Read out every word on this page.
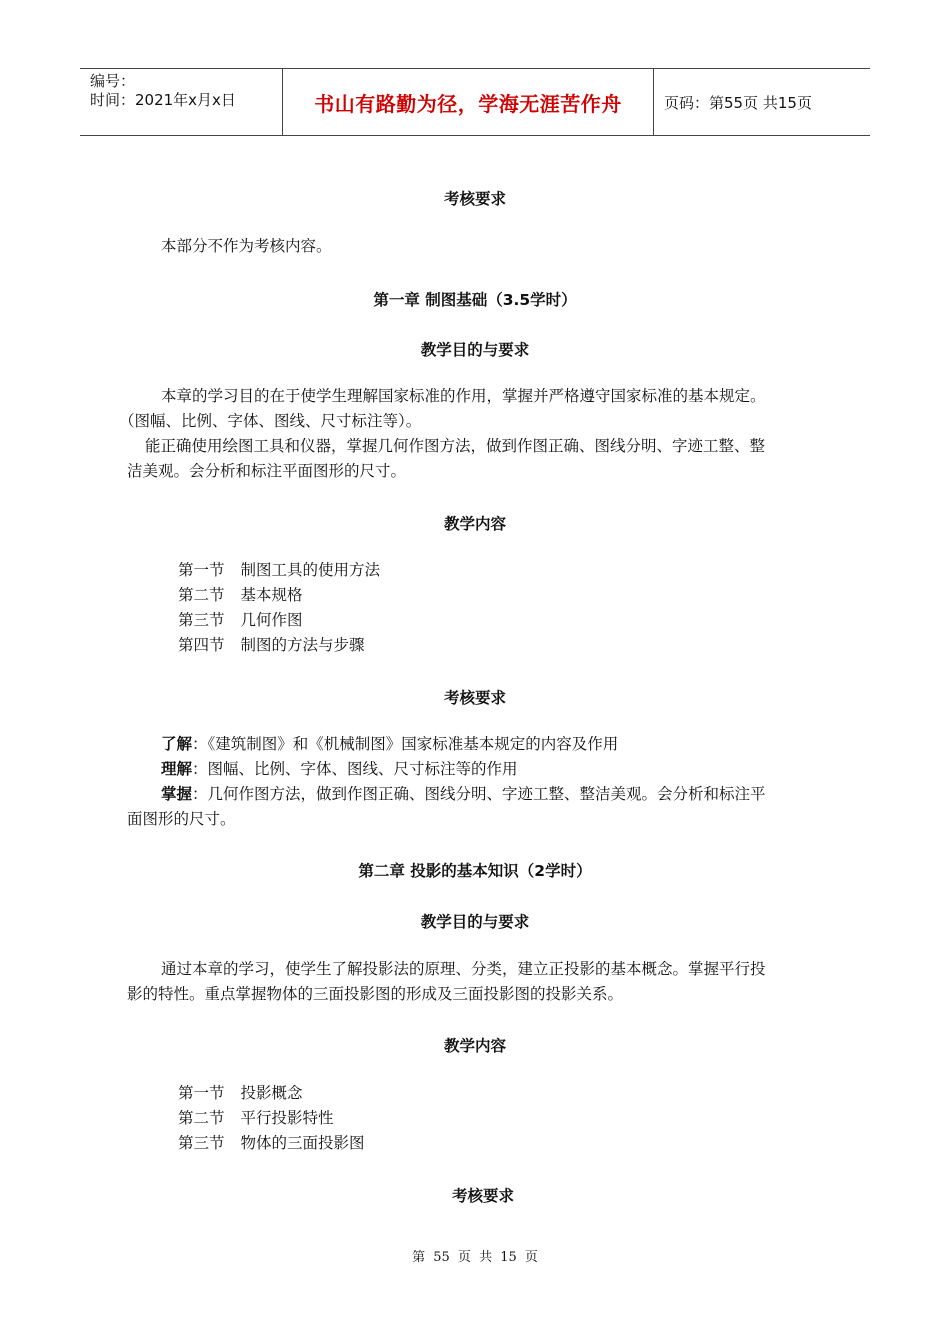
编号：
时间：2021年x月x日	书山有路勤为径，学海无涯苦作舟	页码：第55页 共15页
考核要求
本部分不作为考核内容。
第一章 制图基础（3.5学时）
教学目的与要求
本章的学习目的在于使学生理解国家标准的作用，掌握并严格遵守国家标准的基本规定。
（图幅、比例、字体、图线、尺寸标注等）。
能正确使用绘图工具和仪器，掌握几何作图方法，做到作图正确、图线分明、字迹工整、整
洁美观。会分析和标注平面图形的尺寸。
教学内容
第一节 制图工具的使用方法
第二节 基本规格
第三节 几何作图
第四节 制图的方法与步骤
考核要求
了解：《建筑制图》和《机械制图》国家标准基本规定的内容及作用
理解：图幅、比例、字体、图线、尺寸标注等的作用
掌握：几何作图方法，做到作图正确、图线分明、字迹工整、整洁美观。会分析和标注平
面图形的尺寸。
第二章 投影的基本知识（2学时）
教学目的与要求
通过本章的学习，使学生了解投影法的原理、分类，建立正投影的基本概念。掌握平行投
影的特性。重点掌握物体的三面投影图的形成及三面投影图的投影关系。
教学内容
第一节 投影概念
第二节 平行投影特性
第三节 物体的三面投影图
考核要求
第 55 页 共 15 页
